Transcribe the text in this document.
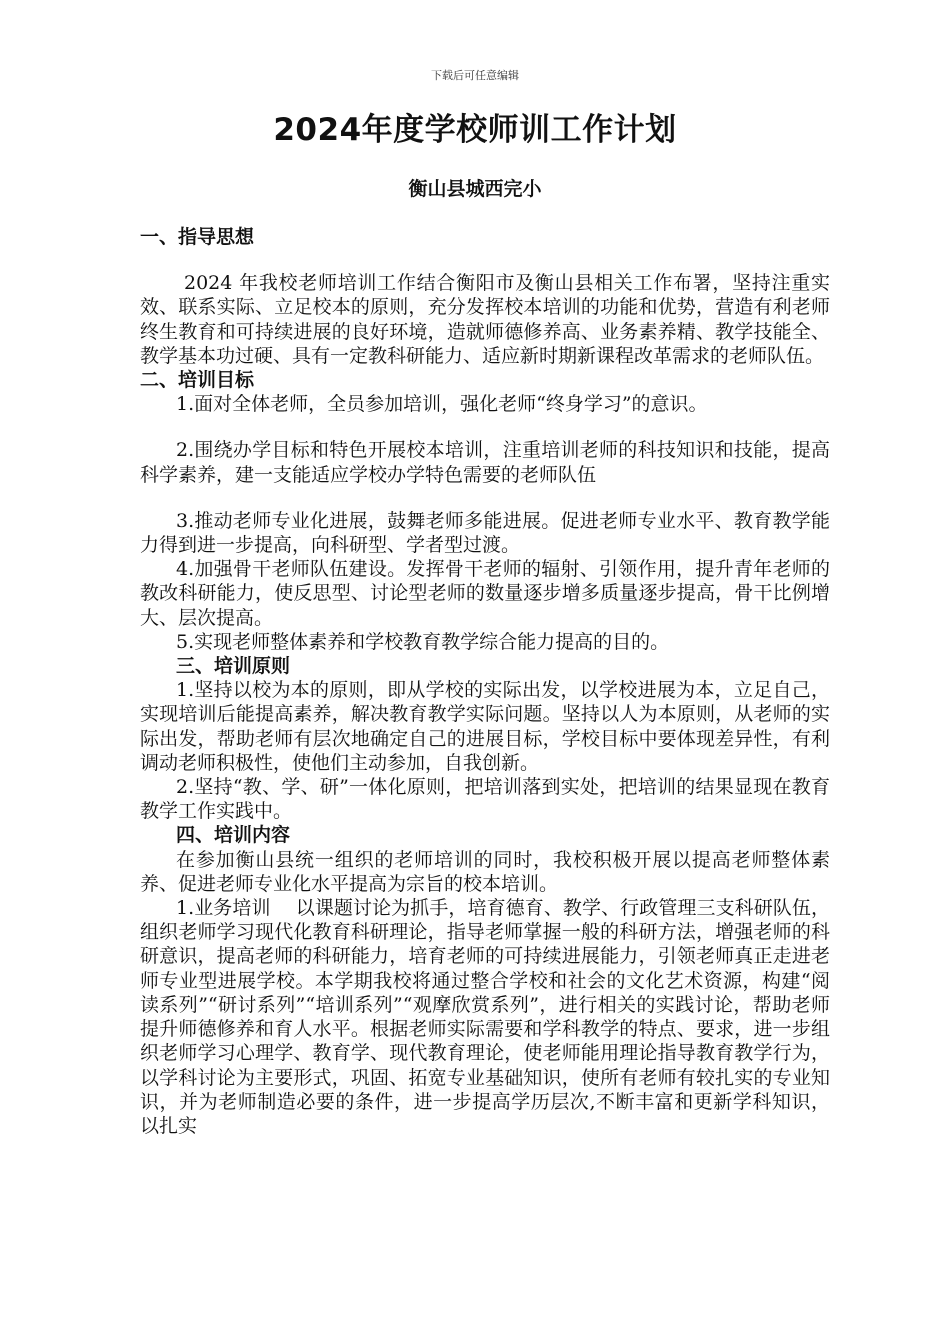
下载后可任意编辑
2024年度学校师训工作计划
衡山县城西完小

一、指导思想

2024 年我校老师培训工作结合衡阳市及衡山县相关工作布署，坚持注重实效、联系实际、立足校本的原则，充分发挥校本培训的功能和优势，营造有利老师终生教育和可持续进展的良好环境，造就师德修养高、业务素养精、教学技能全、教学基本功过硬、具有一定教科研能力、适应新时期新课程改革需求的老师队伍。

二、培训目标

1.面对全体老师，全员参加培训，强化老师“终身学习”的意识。

2.围绕办学目标和特色开展校本培训，注重培训老师的科技知识和技能，提高科学素养，建一支能适应学校办学特色需要的老师队伍

3.推动老师专业化进展，鼓舞老师多能进展。促进老师专业水平、教育教学能力得到进一步提高，向科研型、学者型过渡。

4.加强骨干老师队伍建设。发挥骨干老师的辐射、引领作用，提升青年老师的教改科研能力，使反思型、讨论型老师的数量逐步增多质量逐步提高，骨干比例增大、层次提高。

5.实现老师整体素养和学校教育教学综合能力提高的目的。

三、培训原则

1.坚持以校为本的原则，即从学校的实际出发，以学校进展为本，立足自己，实现培训后能提高素养，解决教育教学实际问题。坚持以人为本原则，从老师的实际出发，帮助老师有层次地确定自己的进展目标，学校目标中要体现差异性，有利调动老师积极性，使他们主动参加，自我创新。

2.坚持“教、学、研”一体化原则，把培训落到实处，把培训的结果显现在教育教学工作实践中。

四、培训内容

在参加衡山县统一组织的老师培训的同时，我校积极开展以提高老师整体素养、促进老师专业化水平提高为宗旨的校本培训。

1.业务培训　 以课题讨论为抓手，培育德育、教学、行政管理三支科研队伍，组织老师学习现代化教育科研理论，指导老师掌握一般的科研方法，增强老师的科研意识，提高老师的科研能力，培育老师的可持续进展能力，引领老师真正走进老师专业型进展学校。本学期我校将通过整合学校和社会的文化艺术资源，构建“阅读系列”“研讨系列”“培训系列”“观摩欣赏系列”，进行相关的实践讨论，帮助老师提升师德修养和育人水平。根据老师实际需要和学科教学的特点、要求，进一步组织老师学习心理学、教育学、现代教育理论，使老师能用理论指导教育教学行为，以学科讨论为主要形式，巩固、拓宽专业基础知识，使所有老师有较扎实的专业知识，并为老师制造必要的条件，进一步提高学历层次,不断丰富和更新学科知识，以扎实
